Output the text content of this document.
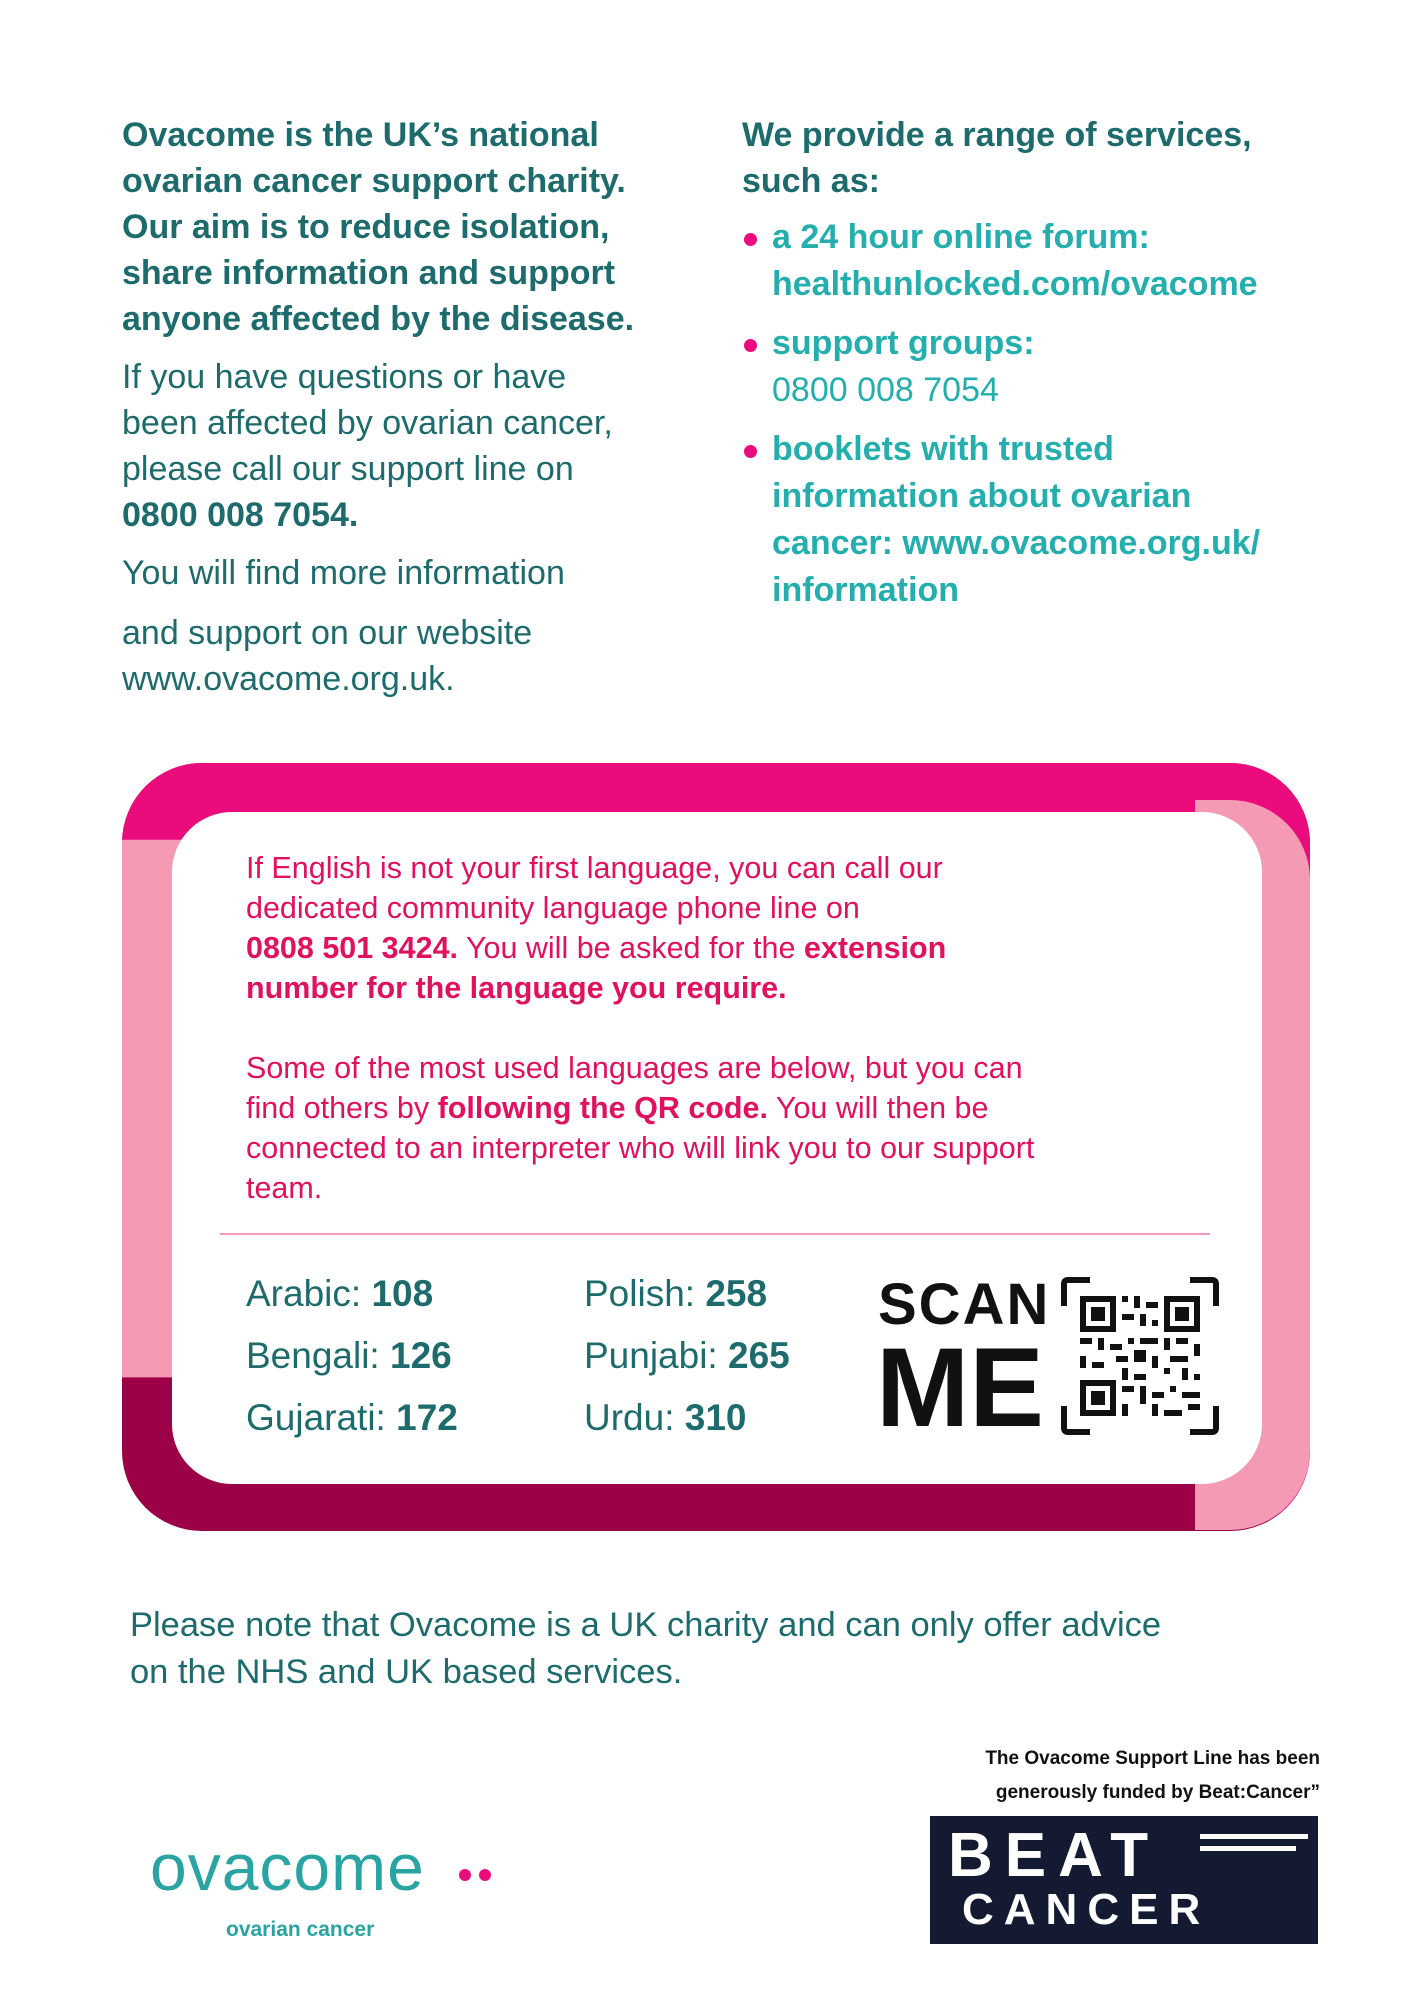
Ovacome is the UK’s national
ovarian cancer support charity.
Our aim is to reduce isolation,
share information and support
anyone affected by the disease.

If you have questions or have
been affected by ovarian cancer,
please call our support line on
0800 008 7054.

You will find more information
and support on our website
www.ovacome.org.uk.

We provide a range of services,
such as:

a 24 hour online forum:
healthunlocked.com/ovacome
support groups:
0800 008 7054
booklets with trusted
information about ovarian
cancer: www.ovacome.org.uk/
information

If English is not your first language, you can call our
dedicated community language phone line on
0808 501 3424. You will be asked for the extension
number for the language you require.

Some of the most used languages are below, but you can
find others by following the QR code. You will then be
connected to an interpreter who will link you to our support
team.

Arabic: 108
Bengali: 126
Gujarati: 172
Polish: 258
Punjabi: 265
Urdu: 310
SCAN
ME
Please note that Ovacome is a UK charity and can only offer advice
on the NHS and UK based services.
The Ovacome Support Line has been
generously funded by Beat:Cancer”
BEAT
CANCER
ovacome
ovarian cancer
